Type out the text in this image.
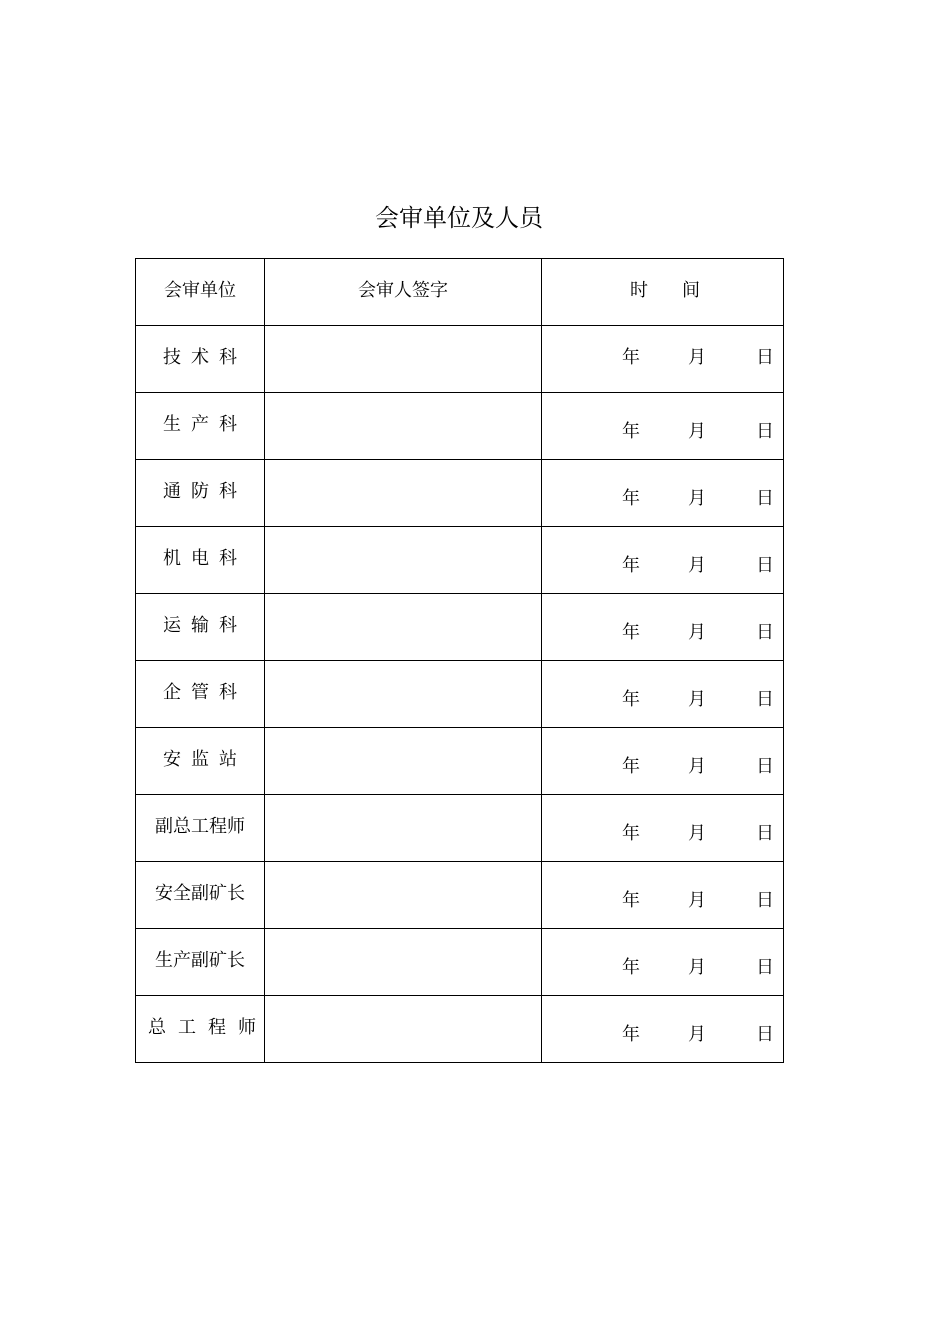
会审单位及人员
会审单位	会审人签字	时 间

技术科		年 月 日

生产科		年 月 日

通防科		年 月 日

机电科		年 月 日

运输科		年 月 日

企管科		年 月 日

安监站		年 月 日

副总工程师		年 月 日

安全副矿长		年 月 日

生产副矿长		年 月 日

总工程师		年 月 日
